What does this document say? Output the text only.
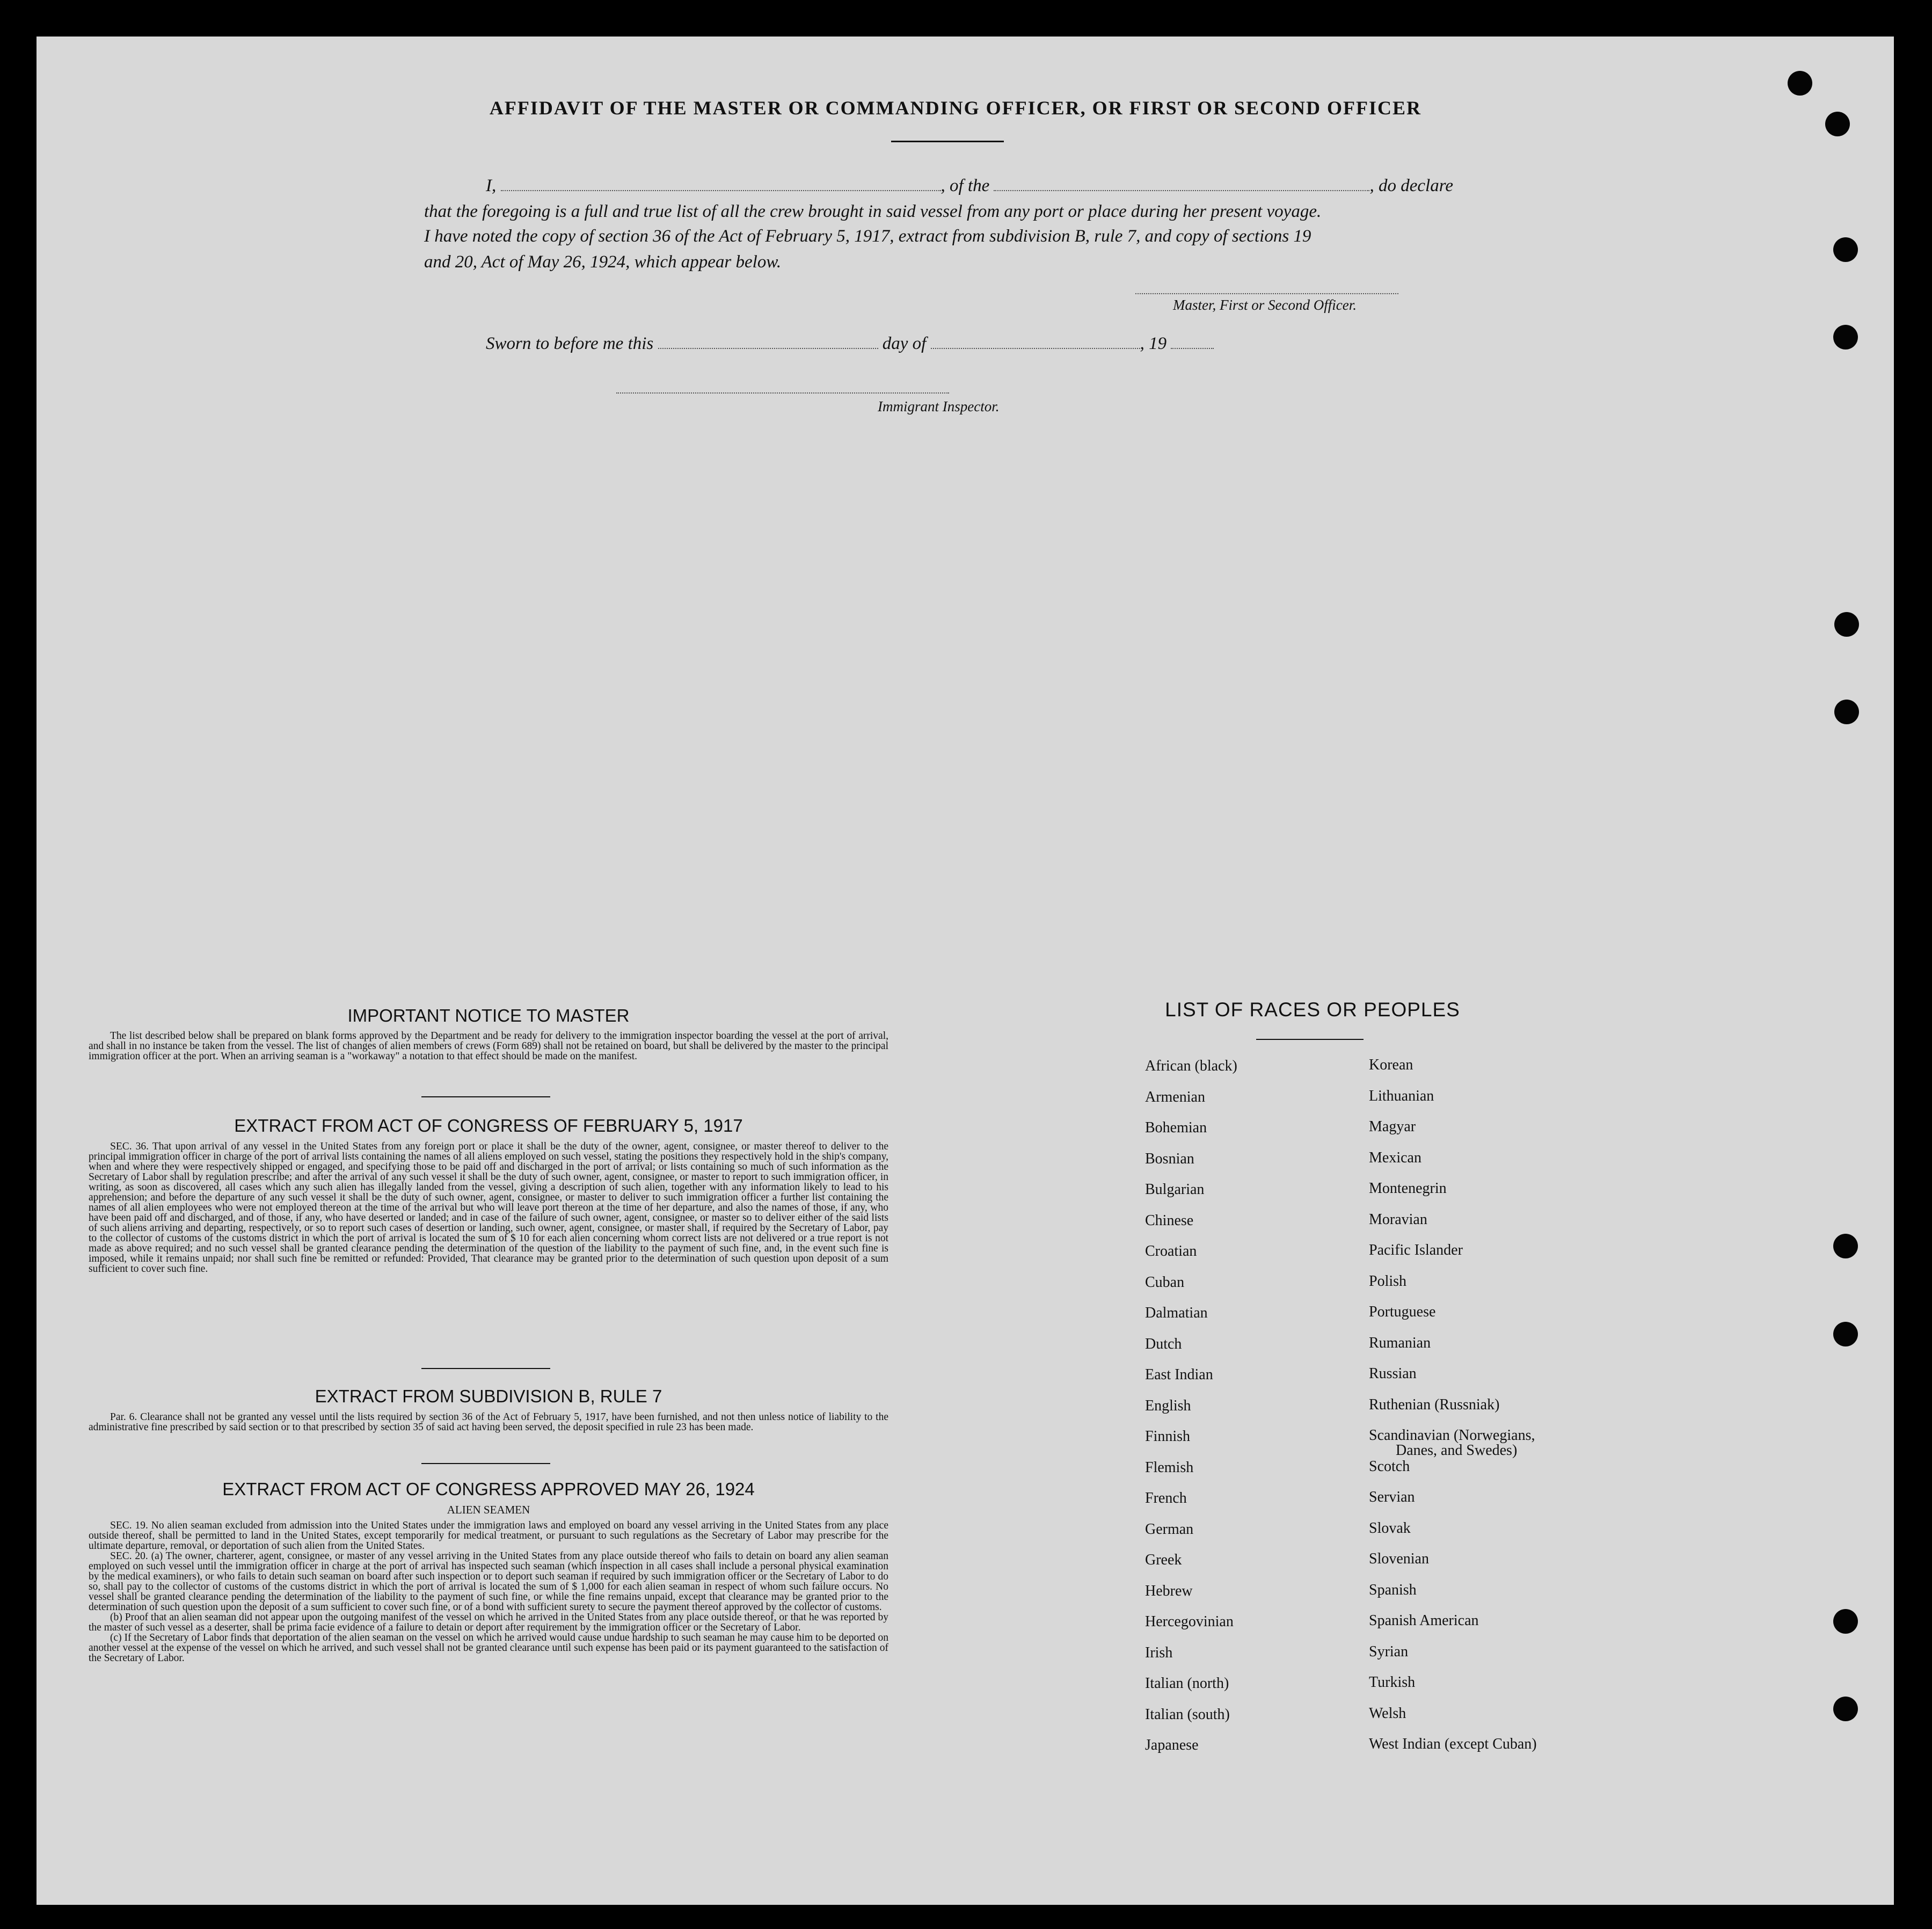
AFFIDAVIT OF THE MASTER OR COMMANDING OFFICER, OR FIRST OR SECOND OFFICER
I,	, of the	, do declare
that the foregoing is a full and true list of all the crew brought in said vessel from any port or place during her present voyage.
I have noted the copy of section 36 of the Act of February 5, 1917, extract from subdivision B, rule 7, and copy of sections 19
and 20, Act of May 26, 1924, which appear below.
Master, First or Second Officer.
Sworn to before me this	day of	, 19
Immigrant Inspector.
IMPORTANT NOTICE TO MASTER

The list described below shall be prepared on blank forms approved by the Department and be ready for delivery to the immigration inspector boarding the vessel at the port of arrival, and shall in no instance be taken from the vessel. The list of changes of alien members of crews (Form 689) shall not be retained on board, but shall be delivered by the master to the principal immigration officer at the port. When an arriving seaman is a "workaway" a notation to that effect should be made on the manifest.

EXTRACT FROM ACT OF CONGRESS OF FEBRUARY 5, 1917

SEC. 36. That upon arrival of any vessel in the United States from any foreign port or place it shall be the duty of the owner, agent, consignee, or master thereof to deliver to the principal immigration officer in charge of the port of arrival lists containing the names of all aliens employed on such vessel, stating the positions they respectively hold in the ship's company, when and where they were respectively shipped or engaged, and specifying those to be paid off and discharged in the port of arrival; or lists containing so much of such information as the Secretary of Labor shall by regulation prescribe; and after the arrival of any such vessel it shall be the duty of such owner, agent, consignee, or master to report to such immigration officer, in writing, as soon as discovered, all cases which any such alien has illegally landed from the vessel, giving a description of such alien, together with any information likely to lead to his apprehension; and before the departure of any such vessel it shall be the duty of such owner, agent, consignee, or master to deliver to such immigration officer a further list containing the names of all alien employees who were not employed thereon at the time of the arrival but who will leave port thereon at the time of her departure, and also the names of those, if any, who have been paid off and discharged, and of those, if any, who have deserted or landed; and in case of the failure of such owner, agent, consignee, or master so to deliver either of the said lists of such aliens arriving and departing, respectively, or so to report such cases of desertion or landing, such owner, agent, consignee, or master shall, if required by the Secretary of Labor, pay to the collector of customs of the customs district in which the port of arrival is located the sum of $ 10 for each alien concerning whom correct lists are not delivered or a true report is not made as above required; and no such vessel shall be granted clearance pending the determination of the question of the liability to the payment of such fine, and, in the event such fine is imposed, while it remains unpaid; nor shall such fine be remitted or refunded: Provided, That clearance may be granted prior to the determination of such question upon deposit of a sum sufficient to cover such fine.

EXTRACT FROM SUBDIVISION B, RULE 7

Par. 6. Clearance shall not be granted any vessel until the lists required by section 36 of the Act of February 5, 1917, have been furnished, and not then unless notice of liability to the administrative fine prescribed by said section or to that prescribed by section 35 of said act having been served, the deposit specified in rule 23 has been made.

EXTRACT FROM ACT OF CONGRESS APPROVED MAY 26, 1924
ALIEN SEAMEN

SEC. 19. No alien seaman excluded from admission into the United States under the immigration laws and employed on board any vessel arriving in the United States from any place outside thereof, shall be permitted to land in the United States, except temporarily for medical treatment, or pursuant to such regulations as the Secretary of Labor may prescribe for the ultimate departure, removal, or deportation of such alien from the United States.

SEC. 20. (a) The owner, charterer, agent, consignee, or master of any vessel arriving in the United States from any place outside thereof who fails to detain on board any alien seaman employed on such vessel until the immigration officer in charge at the port of arrival has inspected such seaman (which inspection in all cases shall include a personal physical examination by the medical examiners), or who fails to detain such seaman on board after such inspection or to deport such seaman if required by such immigration officer or the Secretary of Labor to do so, shall pay to the collector of customs of the customs district in which the port of arrival is located the sum of $ 1,000 for each alien seaman in respect of whom such failure occurs. No vessel shall be granted clearance pending the determination of the liability to the payment of such fine, or while the fine remains unpaid, except that clearance may be granted prior to the determination of such question upon the deposit of a sum sufficient to cover such fine, or of a bond with sufficient surety to secure the payment thereof approved by the collector of customs.

(b) Proof that an alien seaman did not appear upon the outgoing manifest of the vessel on which he arrived in the United States from any place outside thereof, or that he was reported by the master of such vessel as a deserter, shall be prima facie evidence of a failure to detain or deport after requirement by the immigration officer or the Secretary of Labor.

(c) If the Secretary of Labor finds that deportation of the alien seaman on the vessel on which he arrived would cause undue hardship to such seaman he may cause him to be deported on another vessel at the expense of the vessel on which he arrived, and such vessel shall not be granted clearance until such expense has been paid or its payment guaranteed to the satisfaction of the Secretary of Labor.

LIST OF RACES OR PEOPLES
African (black)
Armenian
Bohemian
Bosnian
Bulgarian
Chinese
Croatian
Cuban
Dalmatian
Dutch
East Indian
English
Finnish
Flemish
French
German
Greek
Hebrew
Hercegovinian
Irish
Italian (north)
Italian (south)
Japanese
Korean
Lithuanian
Magyar
Mexican
Montenegrin
Moravian
Pacific Islander
Polish
Portuguese
Rumanian
Russian
Ruthenian (Russniak)
Scandinavian (Norwegians,
Danes, and Swedes)
Scotch
Servian
Slovak
Slovenian
Spanish
Spanish American
Syrian
Turkish
Welsh
West Indian (except Cuban)
